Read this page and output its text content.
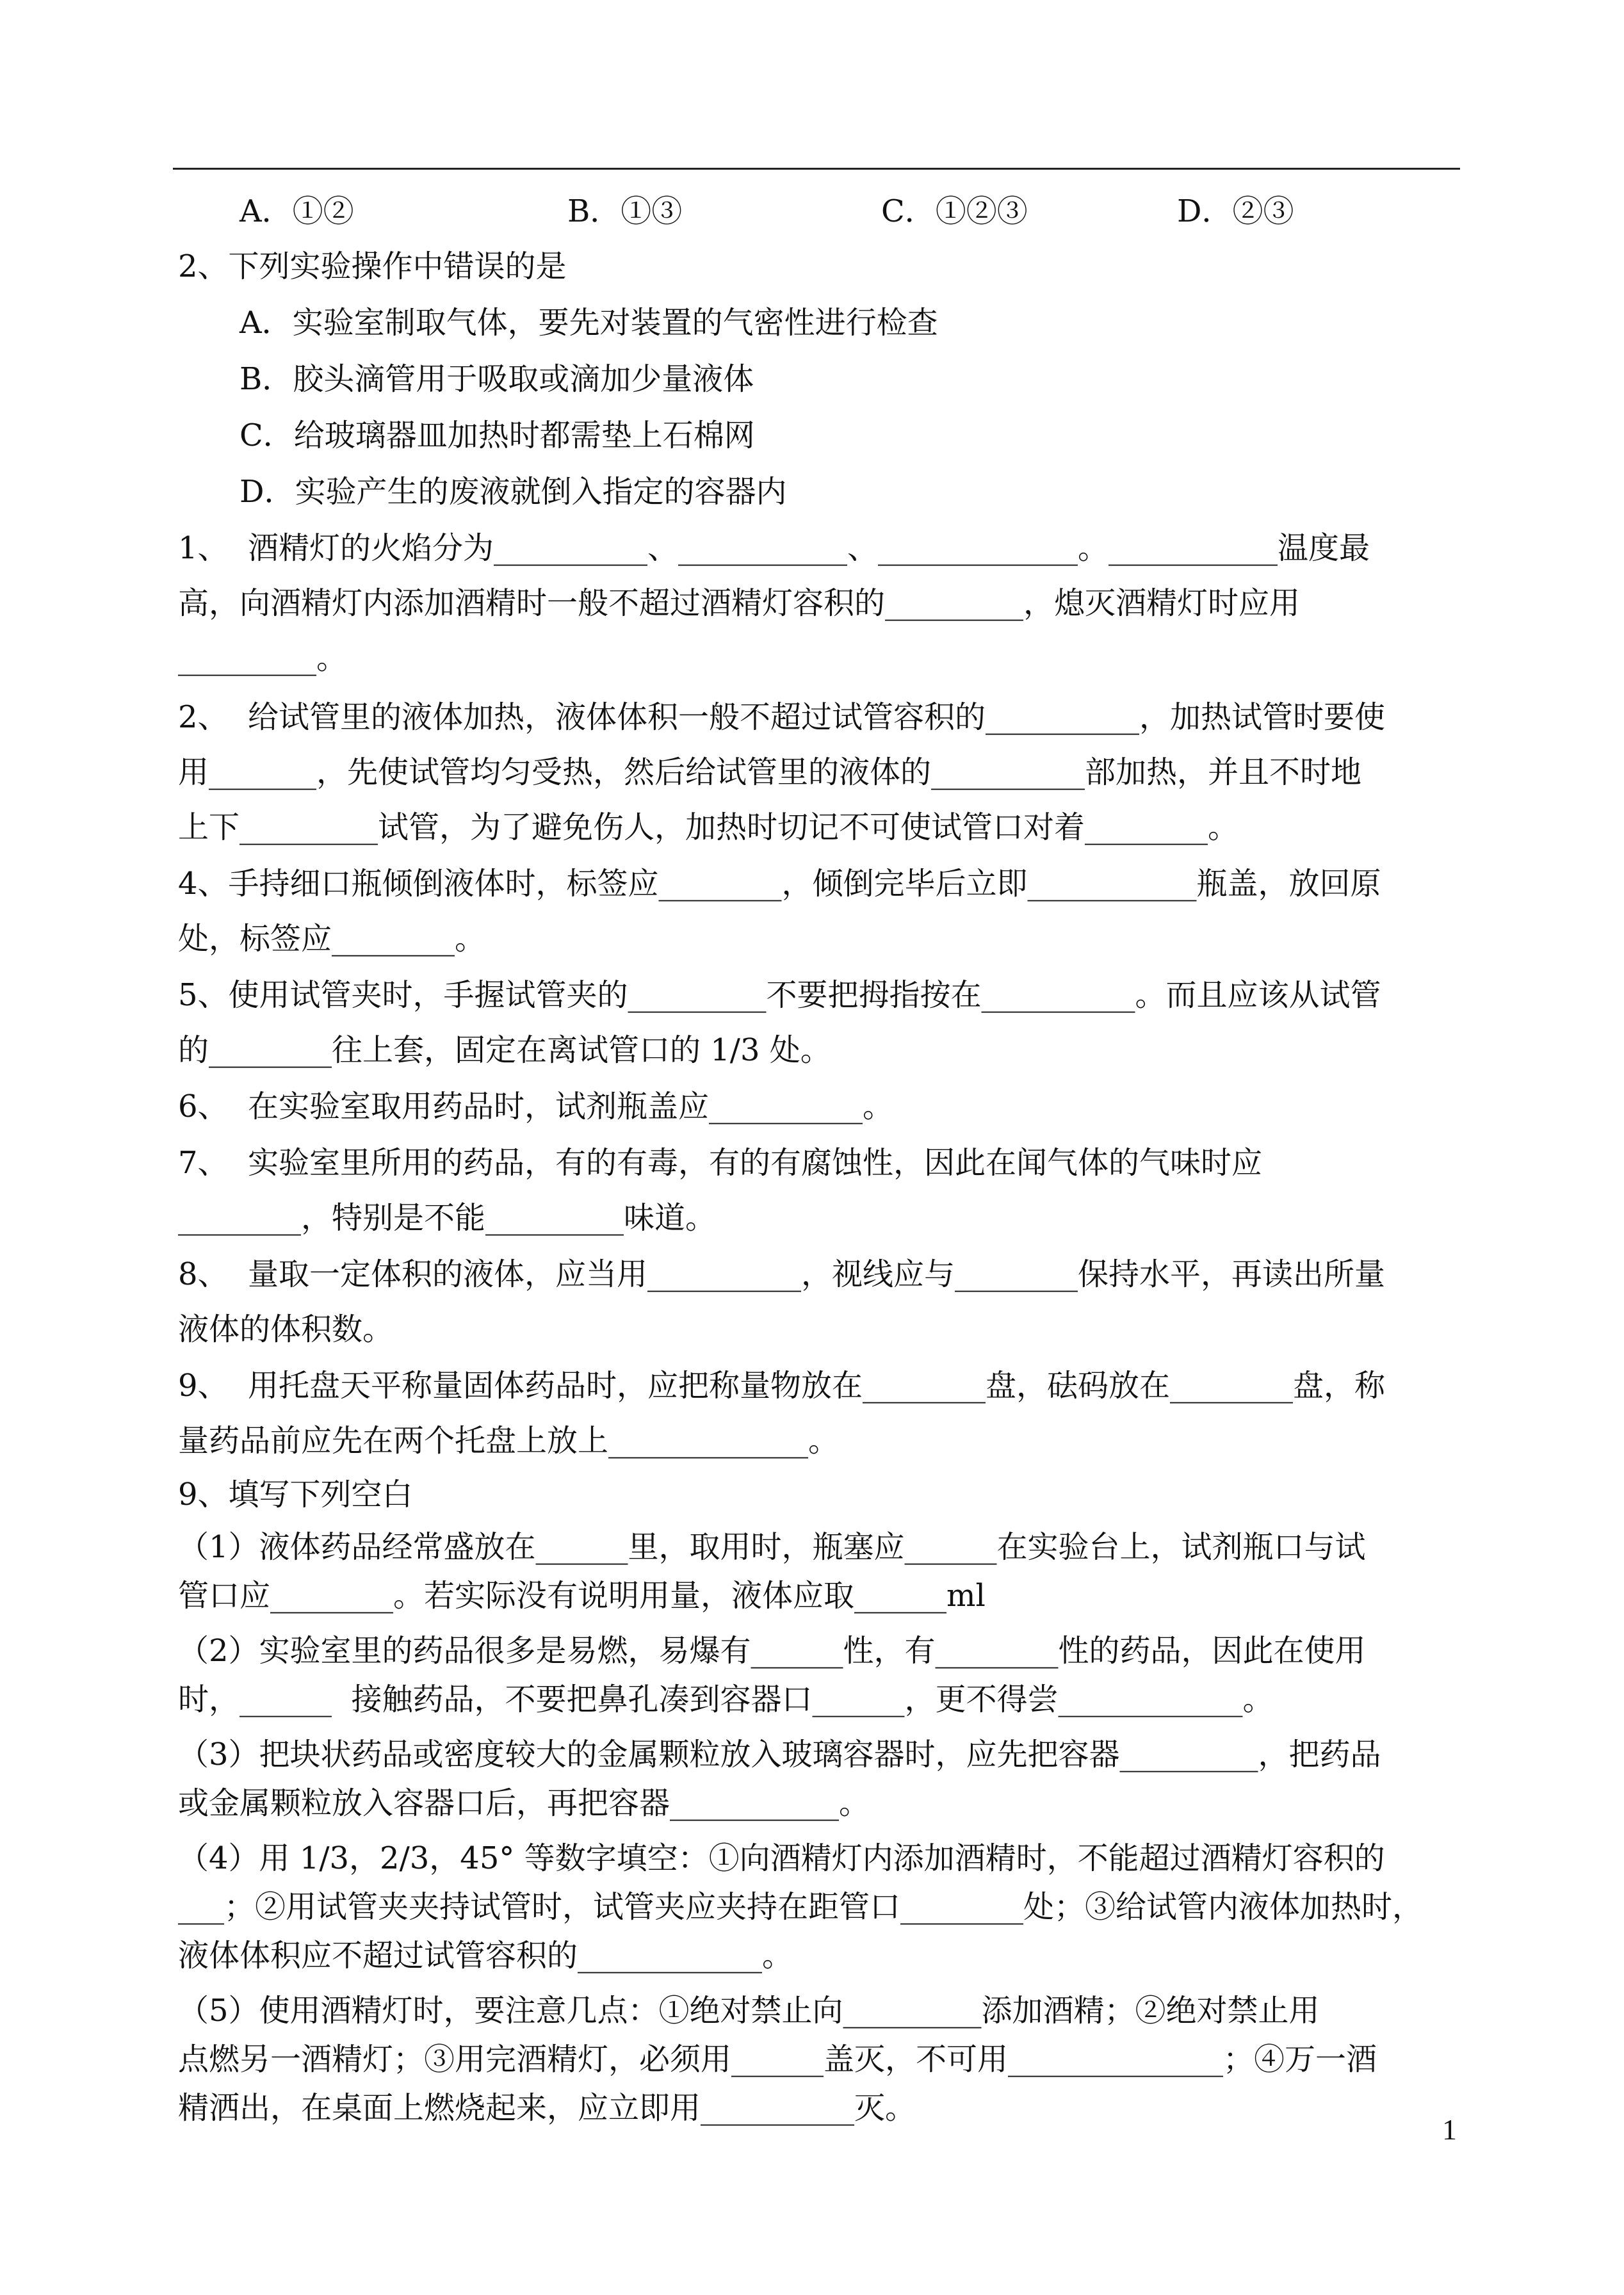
A．①②	B．①③	C．①②③	D．②③
2、下列实验操作中错误的是
A．实验室制取气体，要先对装置的气密性进行检查
B．胶头滴管用于吸取或滴加少量液体
C．给玻璃器皿加热时都需垫上石棉网
D．实验产生的废液就倒入指定的容器内
1、  酒精灯的火焰分为__________、___________、_____________。___________温度最
高，向酒精灯内添加酒精时一般不超过酒精灯容积的_________，熄灭酒精灯时应用
_________。
2、  给试管里的液体加热，液体体积一般不超过试管容积的__________，加热试管时要使
用_______，先使试管均匀受热，然后给试管里的液体的__________部加热，并且不时地
上下_________试管，为了避免伤人，加热时切记不可使试管口对着________。
4、手持细口瓶倾倒液体时，标签应________，倾倒完毕后立即___________瓶盖，放回原
处，标签应________。
5、使用试管夹时，手握试管夹的_________不要把拇指按在__________。而且应该从试管
的________往上套，固定在离试管口的 1/3 处。
6、  在实验室取用药品时，试剂瓶盖应__________。
7、  实验室里所用的药品，有的有毒，有的有腐蚀性，因此在闻气体的气味时应
________，特别是不能_________味道。
8、  量取一定体积的液体，应当用__________，视线应与________保持水平，再读出所量
液体的体积数。
9、  用托盘天平称量固体药品时，应把称量物放在________盘，砝码放在________盘，称
量药品前应先在两个托盘上放上_____________。
9、填写下列空白
（1）液体药品经常盛放在______里，取用时，瓶塞应______在实验台上，试剂瓶口与试
管口应________。若实际没有说明用量，液体应取______ml
（2）实验室里的药品很多是易燃，易爆有______性，有________性的药品，因此在使用
时，______  接触药品，不要把鼻孔凑到容器口______，更不得尝____________。
（3）把块状药品或密度较大的金属颗粒放入玻璃容器时，应先把容器_________，把药品
或金属颗粒放入容器口后，再把容器___________。
（4）用 1/3，2/3，45° 等数字填空：①向酒精灯内添加酒精时，不能超过酒精灯容积的
___；②用试管夹夹持试管时，试管夹应夹持在距管口________处；③给试管内液体加热时，
液体体积应不超过试管容积的____________。
（5）使用酒精灯时，要注意几点：①绝对禁止向_________添加酒精；②绝对禁止用
点燃另一酒精灯；③用完酒精灯，必须用______盖灭，不可用______________；④万一酒
精洒出，在桌面上燃烧起来，应立即用__________灭。
1
